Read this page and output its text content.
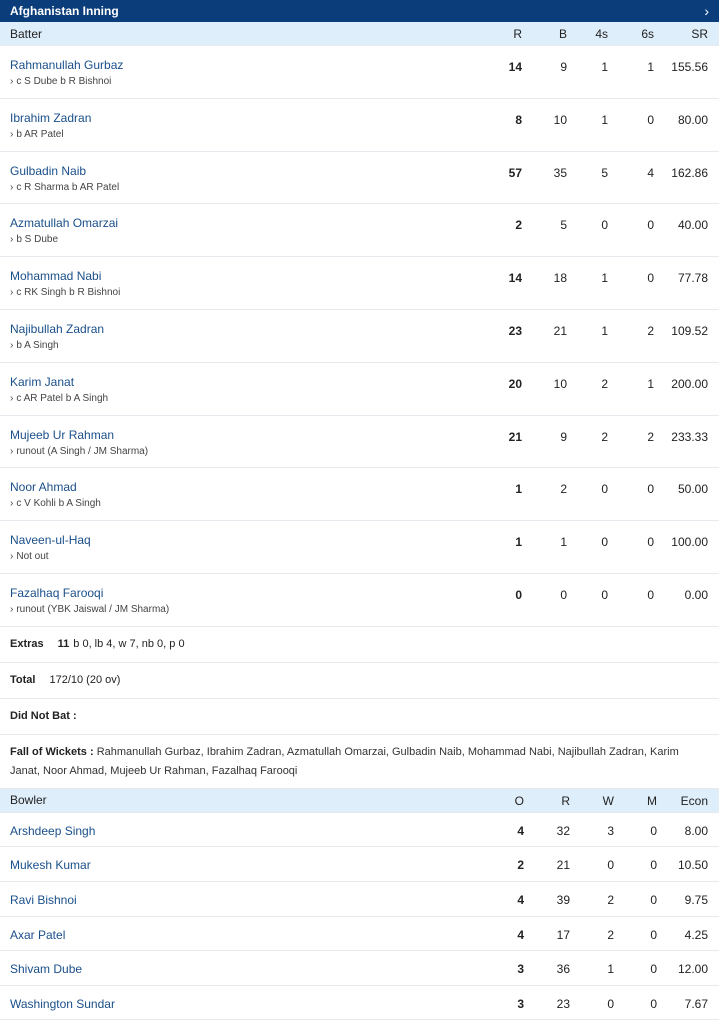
Afghanistan Inning	›
Batter	R	B	4s	6s	SR
Rahmanullah Gurbaz
› c S Dube b R Bishnoi
14	9	1	1	155.56
Ibrahim Zadran
› b AR Patel
8	10	1	0	80.00
Gulbadin Naib
› c R Sharma b AR Patel
57	35	5	4	162.86
Azmatullah Omarzai
› b S Dube
2	5	0	0	40.00
Mohammad Nabi
› c RK Singh b R Bishnoi
14	18	1	0	77.78
Najibullah Zadran
› b A Singh
23	21	1	2	109.52
Karim Janat
› c AR Patel b A Singh
20	10	2	1	200.00
Mujeeb Ur Rahman
› runout (A Singh / JM Sharma)
21	9	2	2	233.33
Noor Ahmad
› c V Kohli b A Singh
1	2	0	0	50.00
Naveen-ul-Haq
› Not out
1	1	0	0	100.00
Fazalhaq Farooqi
› runout (YBK Jaiswal / JM Sharma)
0	0	0	0	0.00
Extras 11 b 0, lb 4, w 7, nb 0, p 0
Total 172/10 (20 ov)
Did Not Bat :
Fall of Wickets : Rahmanullah Gurbaz, Ibrahim Zadran, Azmatullah Omarzai, Gulbadin Naib, Mohammad Nabi, Najibullah Zadran, Karim Janat, Noor Ahmad, Mujeeb Ur Rahman, Fazalhaq Farooqi
Bowler	O	R	W	M	Econ
Arshdeep Singh	4	32	3	0	8.00
Mukesh Kumar	2	21	0	0	10.50
Ravi Bishnoi	4	39	2	0	9.75
Axar Patel	4	17	2	0	4.25
Shivam Dube	3	36	1	0	12.00
Washington Sundar	3	23	0	0	7.67
